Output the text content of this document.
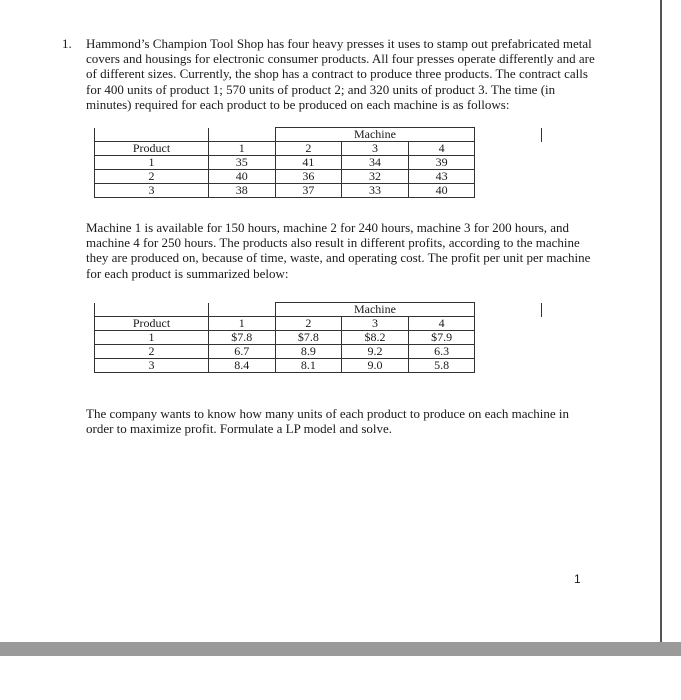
1. Hammond’s Champion Tool Shop has four heavy presses it uses to stamp out prefabricated metal covers and housings for electronic consumer products. All four presses operate differently and are of different sizes. Currently, the shop has a contract to produce three products. The contract calls for 400 units of product 1; 570 units of product 2; and 320 units of product 3. The time (in minutes) required for each product to be produced on each machine is as follows:

		Machine			
Product	1	2	3	4	
1	35	41	34	39	
2	40	36	32	43	
3	38	37	33	40	

Machine 1 is available for 150 hours, machine 2 for 240 hours, machine 3 for 200 hours, and machine 4 for 250 hours. The products also result in different profits, according to the machine they are produced on, because of time, waste, and operating cost. The profit per unit per machine for each product is summarized below:

		Machine			
Product	1	2	3	4	
1	$7.8	$7.8	$8.2	$7.9	
2	6.7	8.9	9.2	6.3	
3	8.4	8.1	9.0	5.8	

The company wants to know how many units of each product to produce on each machine in order to maximize profit. Formulate a LP model and solve.

1
